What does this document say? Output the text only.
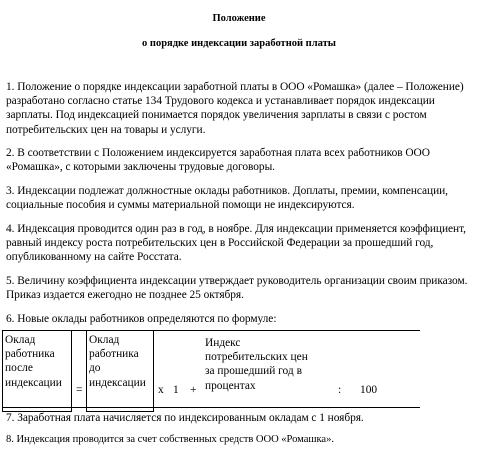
Положение
о порядке индексации заработной платы
1. Положение о порядке индексации заработной платы в ООО «Ромашка» (далее – Положение) разработано согласно статье 134 Трудового кодекса и устанавливает порядок индексации зарплаты. Под индексацией понимается порядок увеличения зарплаты в связи с ростом потребительских цен на товары и услуги.
2. В соответствии с Положением индексируется заработная плата всех работников ООО «Ромашка», с которыми заключены трудовые договоры.
3. Индексации подлежат должностные оклады работников. Доплаты, премии, компенсации, социальные пособия и суммы материальной помощи не индексируются.
4. Индексация проводится один раз в год, в ноябре. Для индексации применяется коэффициент, равный индексу роста потребительских цен в Российской Федерации за прошедший год, опубликованному на сайте Росстата.
5. Величину коэффициента индексации утверждает руководитель организации своим приказом. Приказ издается ежегодно не позднее 25 октября.
6. Новые оклады работников определяются по формуле:
Оклад работника после индексации
=
Оклад работника до индексации
x 1 +
Индекс потребительских цен за прошедший год в процентах	: 100
7. Заработная плата начисляется по индексированным окладам с 1 ноября.
8. Индексация проводится за счет собственных средств ООО «Ромашка».
